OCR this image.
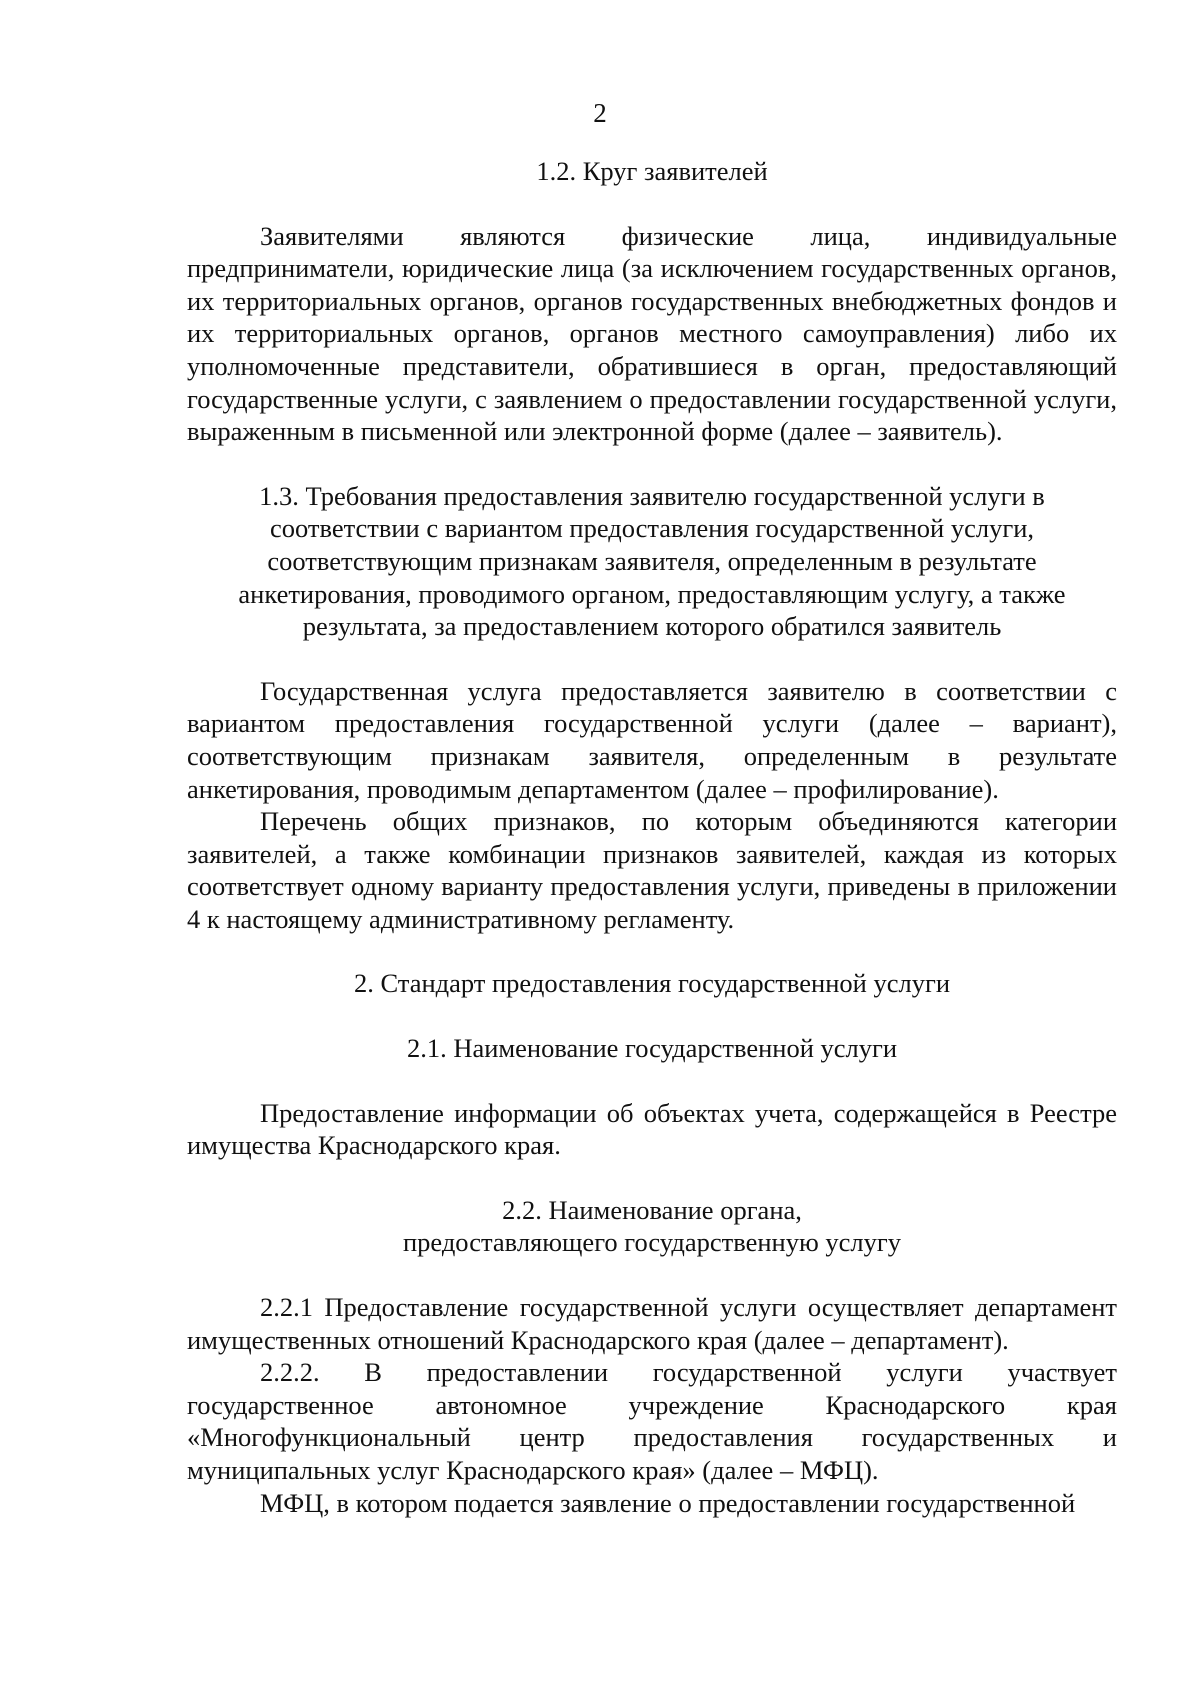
2

1.2. Круг заявителей

Заявителями являются физические лица, индивидуальные предприниматели, юридические лица (за исключением государственных органов, их территориальных органов, органов государственных внебюджетных фондов и их территориальных органов, органов местного самоуправления) либо их уполномоченные представители, обратившиеся в орган, предоставляющий государственные услуги, с заявлением о предоставлении государственной услуги, выраженным в письменной или электронной форме (далее – заявитель).

1.3. Требования предоставления заявителю государственной услуги в соответствии с вариантом предоставления государственной услуги, соответствующим признакам заявителя, определенным в результате анкетирования, проводимого органом, предоставляющим услугу, а также результата, за предоставлением которого обратился заявитель

Государственная услуга предоставляется заявителю в соответствии с вариантом предоставления государственной услуги (далее – вариант), соответствующим признакам заявителя, определенным в результате анкетирования, проводимым департаментом (далее – профилирование).

Перечень общих признаков, по которым объединяются категории заявителей, а также комбинации признаков заявителей, каждая из которых соответствует одному варианту предоставления услуги, приведены в приложении 4 к настоящему административному регламенту.

2. Стандарт предоставления государственной услуги

2.1. Наименование государственной услуги

Предоставление информации об объектах учета, содержащейся в Реестре имущества Краснодарского края.

2.2. Наименование органа,

предоставляющего государственную услугу

2.2.1 Предоставление государственной услуги осуществляет департамент имущественных отношений Краснодарского края (далее – департамент).

2.2.2. В предоставлении государственной услуги участвует государственное автономное учреждение Краснодарского края «Многофункциональный центр предоставления государственных и муниципальных услуг Краснодарского края» (далее – МФЦ).

МФЦ, в котором подается заявление о предоставлении государственной
